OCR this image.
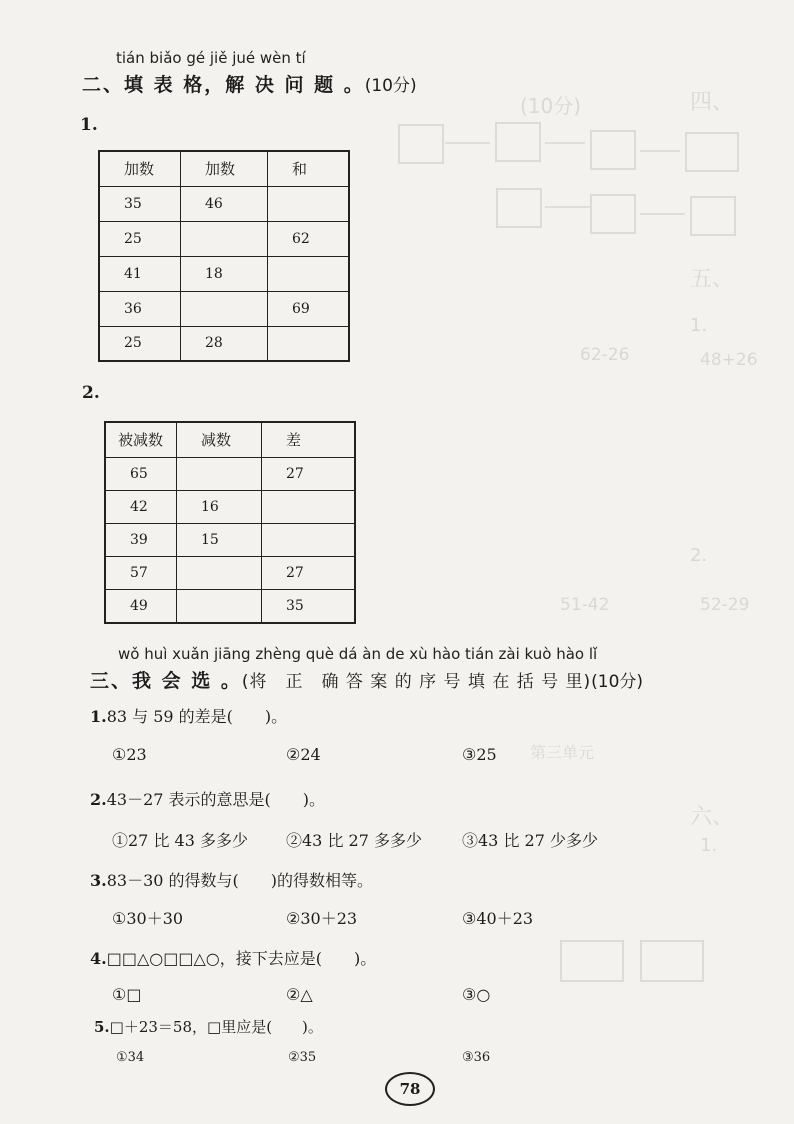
四、
(10分)
五、
1.
48+26
62-26
2.
52-29
51-42
第三单元
六、
1.
tián biǎo gé jiě jué wèn tí
二、填 表 格，解 决 问 题 。(10分)
1.
加数	加数	和
35	46	
25		62
41	18	
36		69
25	28	
2.
被减数	减数	差
65		27
42	16	
39	15	
57		27
49		35
wǒ huì xuǎn jiāng zhèng què dá àn de xù hào tián zài kuò hào lǐ
三、我 会 选 。(将　正　确 答 案 的 序 号 填 在 括 号 里)(10分)
1.83 与 59 的差是(　　)。
①23	②24	③25
2.43－27 表示的意思是(　　)。
①27 比 43 多多少 ②43 比 27 多多少	③43 比 27 少多少
3.83－30 的得数与(　　)的得数相等。
①30＋30	②30＋23	③40＋23
4.□□△○□□△○，接下去应是(　　)。
①□	②△	③○
5.□＋23＝58，□里应是(　　)。
①34	②35	③36
78
